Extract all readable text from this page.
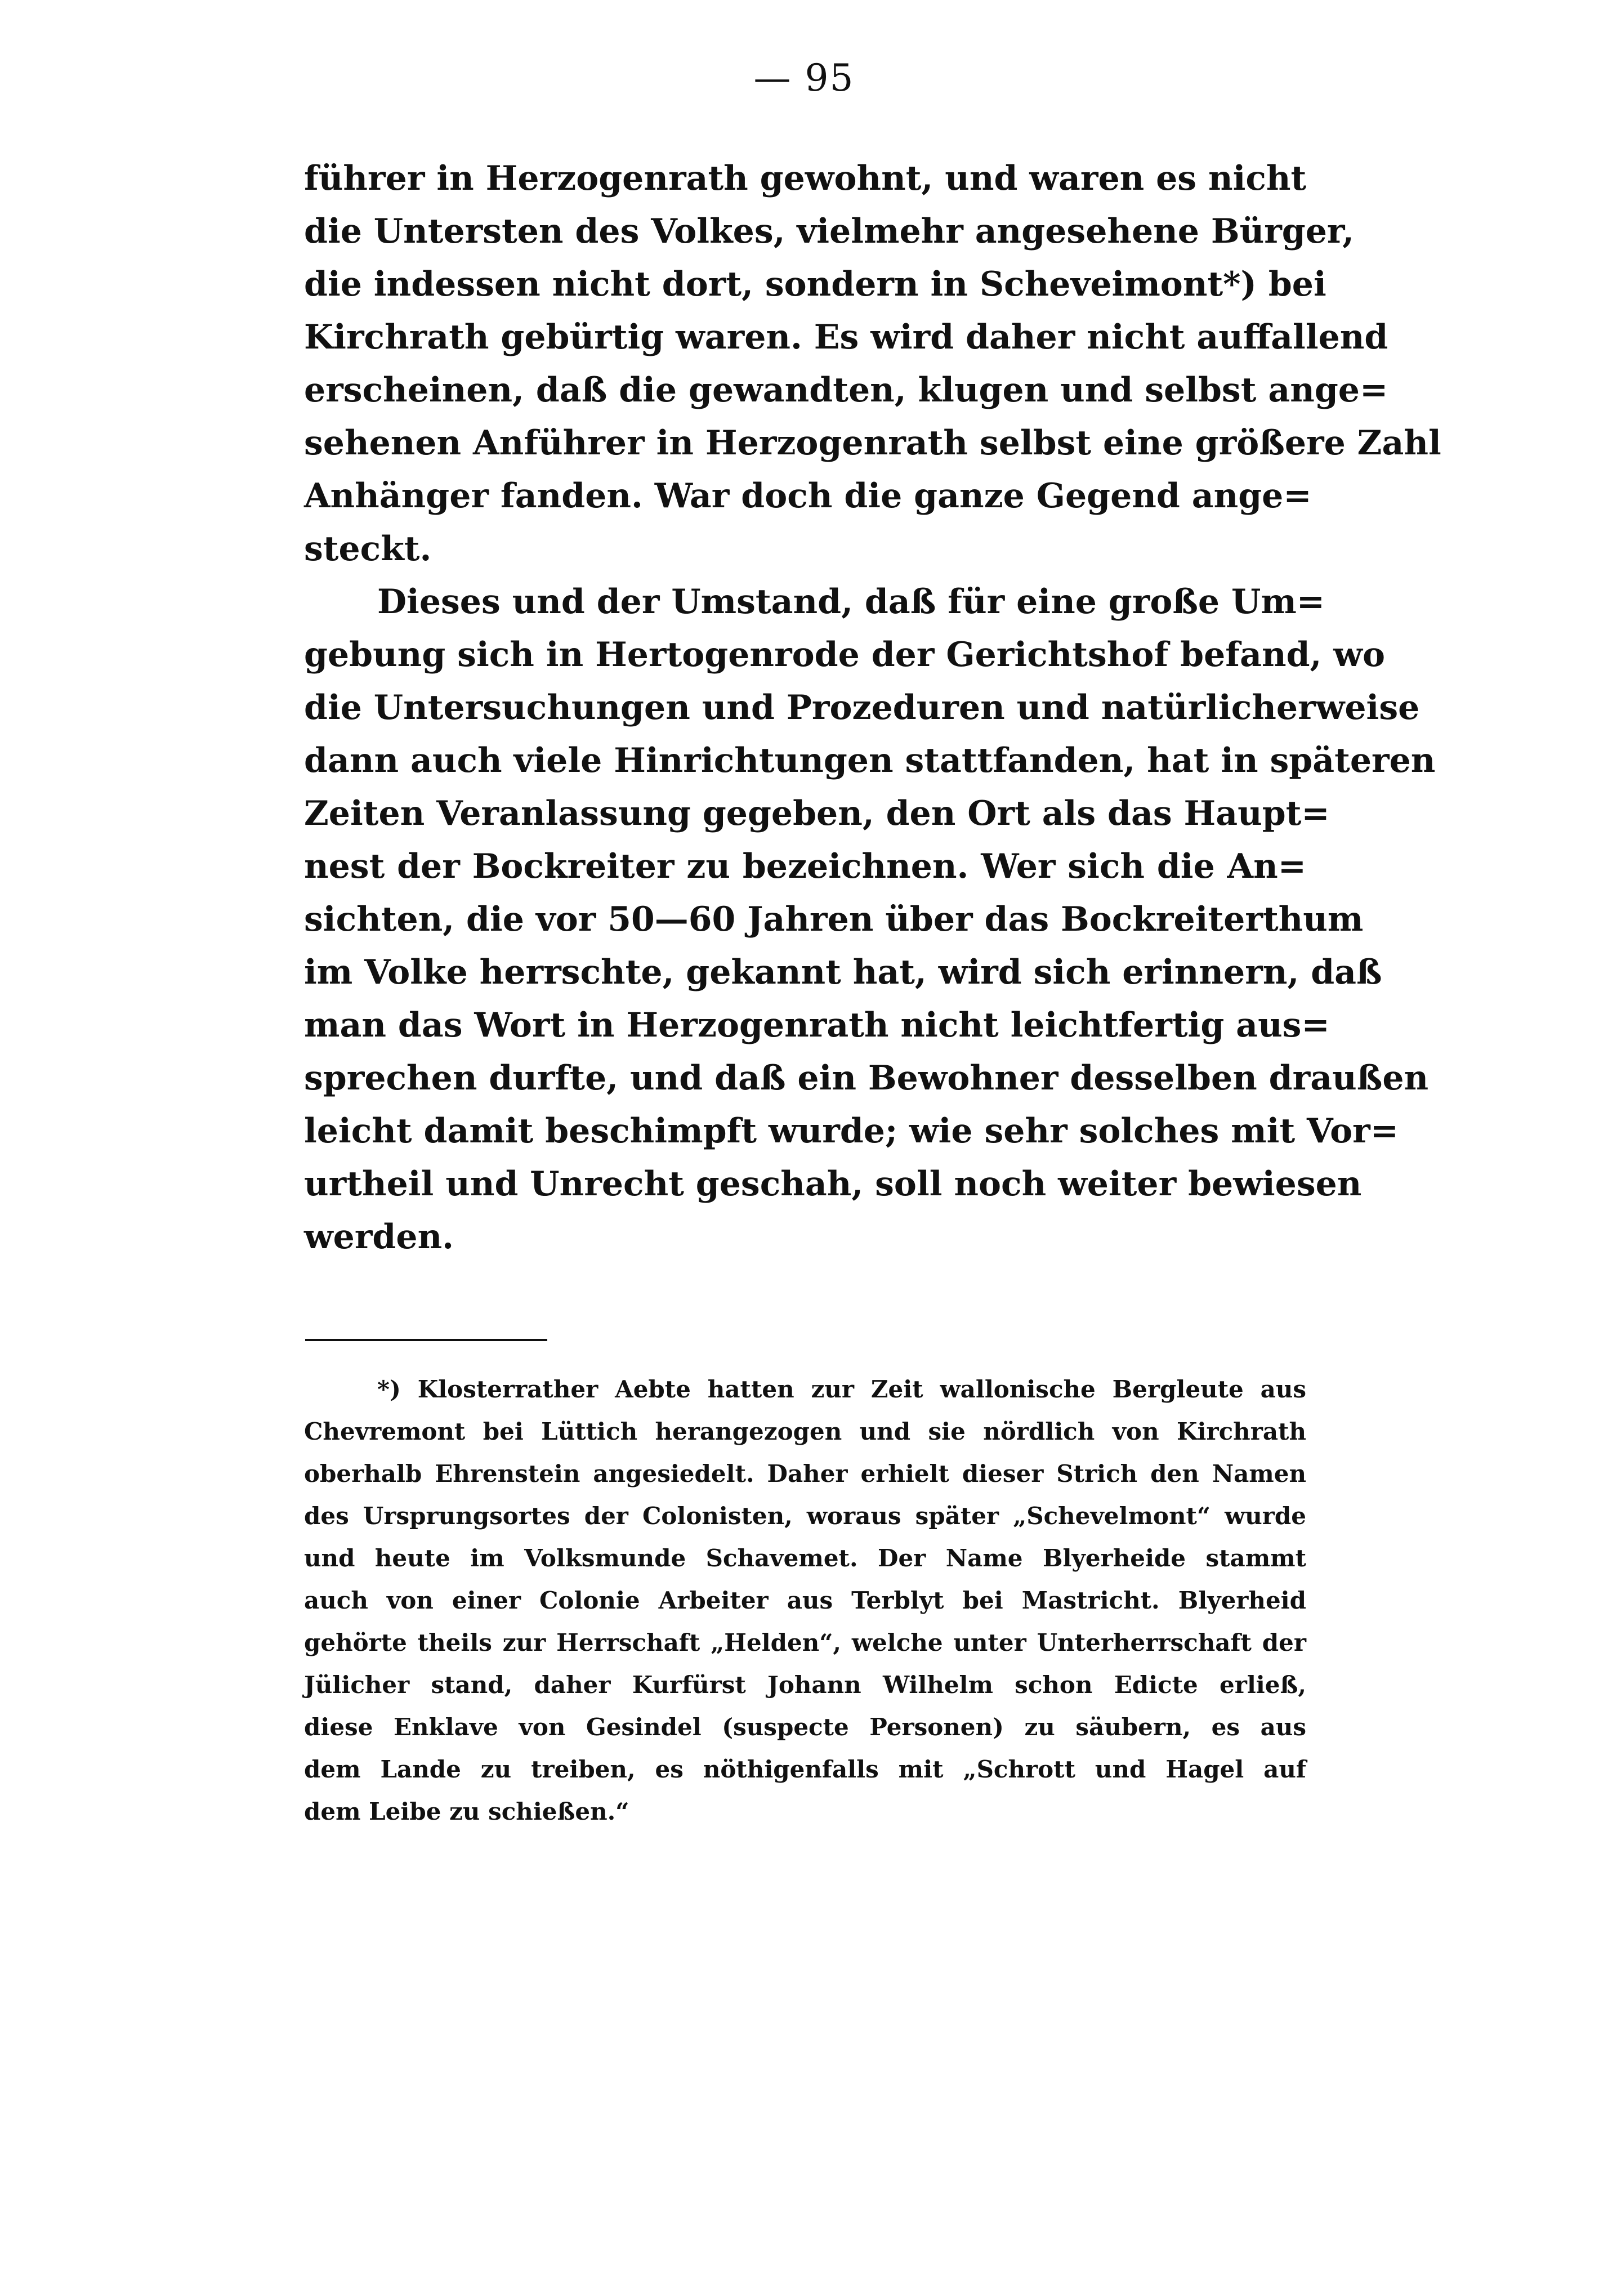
— 95
führer in Herzogenrath gewohnt, und waren es nicht
die Untersten des Volkes, vielmehr angesehene Bürger,
die indessen nicht dort, sondern in Scheveimont*) bei
Kirchrath gebürtig waren. Es wird daher nicht auffallend
erscheinen, daß die gewandten, klugen und selbst ange=
sehenen Anführer in Herzogenrath selbst eine größere Zahl
Anhänger fanden. War doch die ganze Gegend ange=
steckt.
Dieses und der Umstand, daß für eine große Um=
gebung sich in Hertogenrode der Gerichtshof befand, wo
die Untersuchungen und Prozeduren und natürlicherweise
dann auch viele Hinrichtungen stattfanden, hat in späteren
Zeiten Veranlassung gegeben, den Ort als das Haupt=
nest der Bockreiter zu bezeichnen. Wer sich die An=
sichten, die vor 50—60 Jahren über das Bockreiterthum
im Volke herrschte, gekannt hat, wird sich erinnern, daß
man das Wort in Herzogenrath nicht leichtfertig aus=
sprechen durfte, und daß ein Bewohner desselben draußen
leicht damit beschimpft wurde; wie sehr solches mit Vor=
urtheil und Unrecht geschah, soll noch weiter bewiesen
werden.
*) Klosterrather Aebte hatten zur Zeit wallonische Bergleute aus
Chevremont bei Lüttich herangezogen und sie nördlich von Kirchrath
oberhalb Ehrenstein angesiedelt. Daher erhielt dieser Strich den Namen
des Ursprungsortes der Colonisten, woraus später „Schevelmont“ wurde
und heute im Volksmunde Schavemet. Der Name Blyerheide stammt
auch von einer Colonie Arbeiter aus Terblyt bei Mastricht. Blyerheid
gehörte theils zur Herrschaft „Helden“, welche unter Unterherrschaft der
Jülicher stand, daher Kurfürst Johann Wilhelm schon Edicte erließ,
diese Enklave von Gesindel (suspecte Personen) zu säubern, es aus
dem Lande zu treiben, es nöthigenfalls mit „Schrott und Hagel auf
dem Leibe zu schießen.“
